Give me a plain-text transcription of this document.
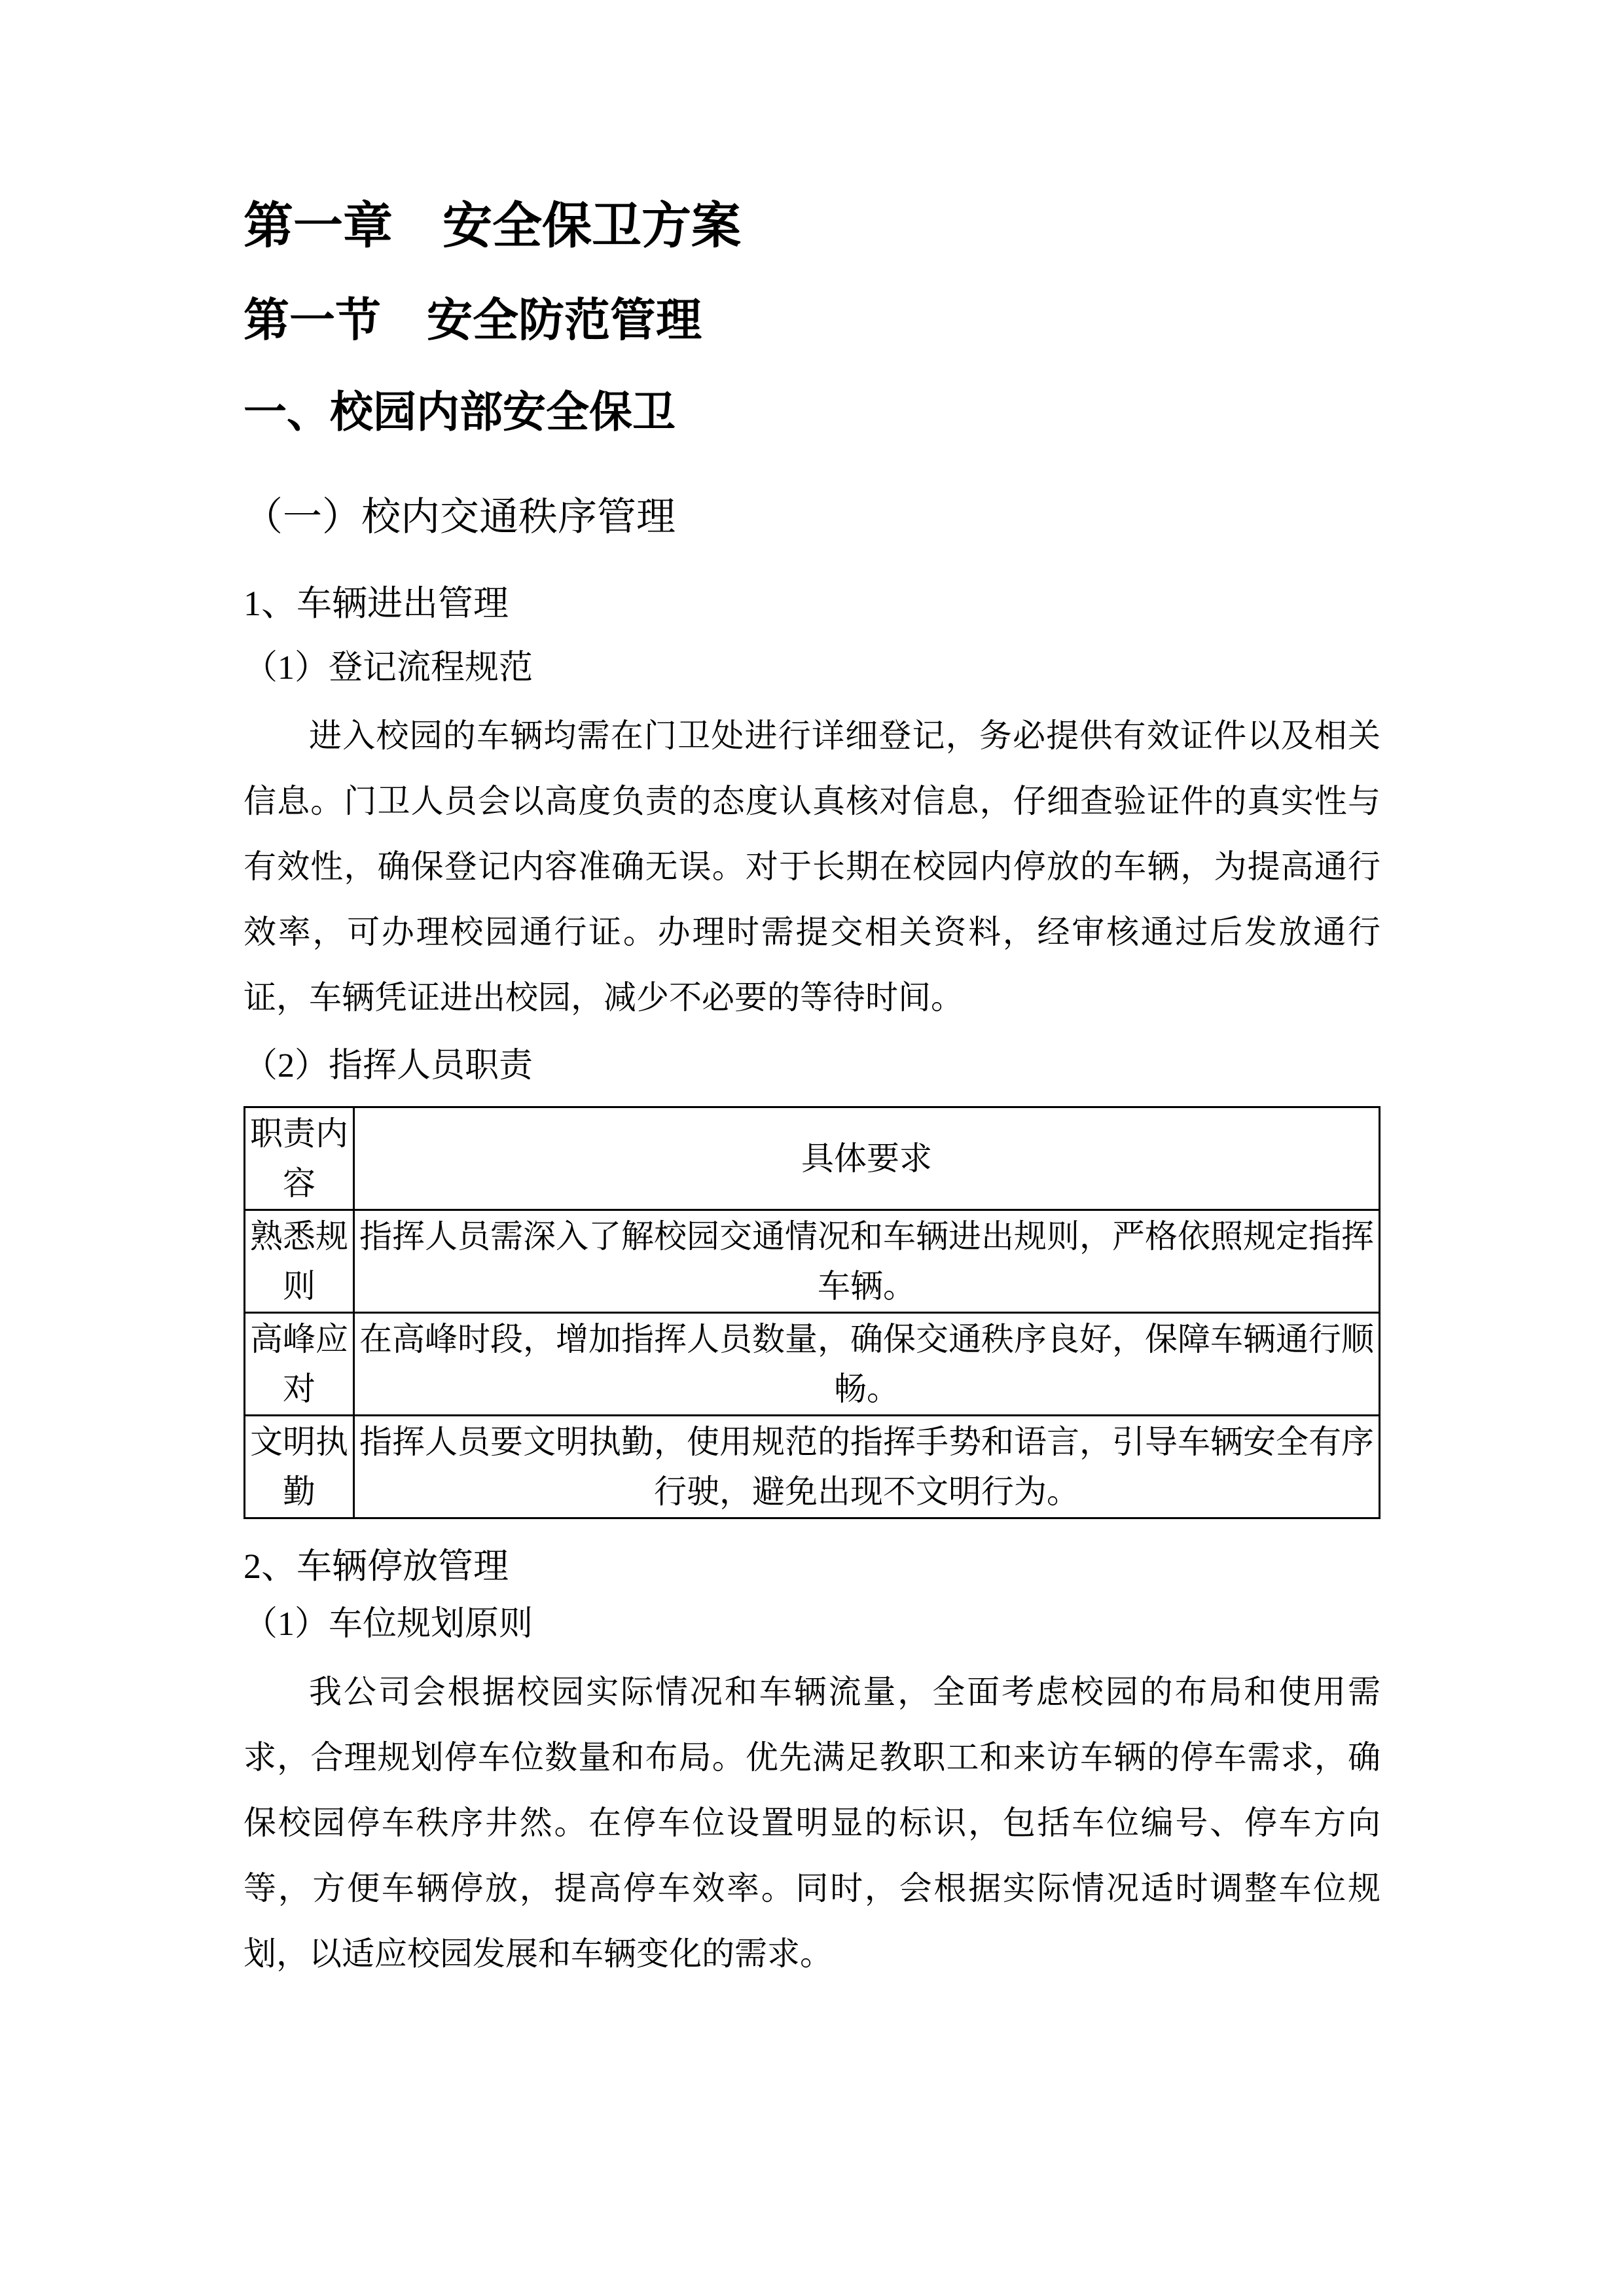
第一章　安全保卫方案
第一节　安全防范管理
一、校园内部安全保卫
（一）校内交通秩序管理
1、车辆进出管理
（1）登记流程规范

进入校园的车辆均需在门卫处进行详细登记，务必提供有效证件以及相关信息。门卫人员会以高度负责的态度认真核对信息，仔细查验证件的真实性与有效性，确保登记内容准确无误。对于长期在校园内停放的车辆，为提高通行效率，可办理校园通行证。办理时需提交相关资料，经审核通过后发放通行证，车辆凭证进出校园，减少不必要的等待时间。

（2）指挥人员职责
职责内容	具体要求
熟悉规则	指挥人员需深入了解校园交通情况和车辆进出规则，严格依照规定指挥车辆。
高峰应对	在高峰时段，增加指挥人员数量，确保交通秩序良好，保障车辆通行顺畅。
文明执勤	指挥人员要文明执勤，使用规范的指挥手势和语言，引导车辆安全有序行驶，避免出现不文明行为。
2、车辆停放管理
（1）车位规划原则

我公司会根据校园实际情况和车辆流量，全面考虑校园的布局和使用需求，合理规划停车位数量和布局。优先满足教职工和来访车辆的停车需求，确保校园停车秩序井然。在停车位设置明显的标识，包括车位编号、停车方向等，方便车辆停放，提高停车效率。同时，会根据实际情况适时调整车位规划，以适应校园发展和车辆变化的需求。
